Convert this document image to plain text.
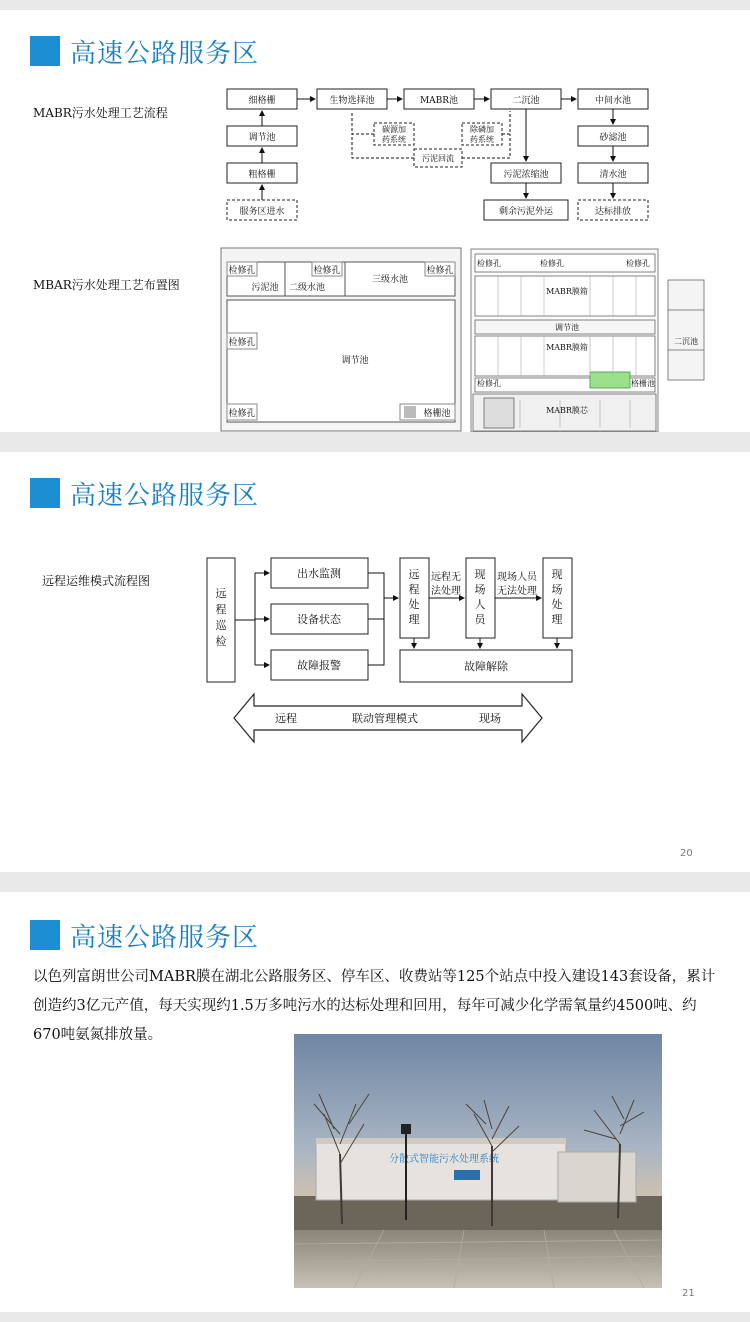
高速公路服务区
MABR污水处理工艺流程
MBAR污水处理工艺布置图
细格栅
调节池
粗格栅
服务区进水
生物选择池	MABR池	二沉池	中间水池
碳源加
药系统
除磷加
药系统
污泥回流
污泥浓缩池
剩余污泥外运
砂滤池
清水池
达标排放
检修孔	检修孔	检修孔
检修孔
检修孔
污泥池 二级水池
三级水池
调节池
格栅池
检修孔	检修孔	检修孔
MABR膜箱
调节池
MABR膜箱
检修孔	格栅池
MABR膜芯
二沉池
高速公路服务区
远程运维模式流程图
20
远
程
巡
检
出水监测
设备状态
故障报警
远
程
处
理
现
场
人
员
现
场
处
理
故障解除
远程	联动管理模式	现场
远程无
法处理
现场人员
无法处理
高速公路服务区
21
以色列富朗世公司MABR膜在湖北公路服务区、停车区、收费站等125个站点中投入建设143套设备，累计创造约3亿元产值，每天实现约1.5万多吨污水的达标处理和回用，每年可减少化学需氧量约4500吨、约670吨氨氮排放量。
分散式智能污水处理系统
